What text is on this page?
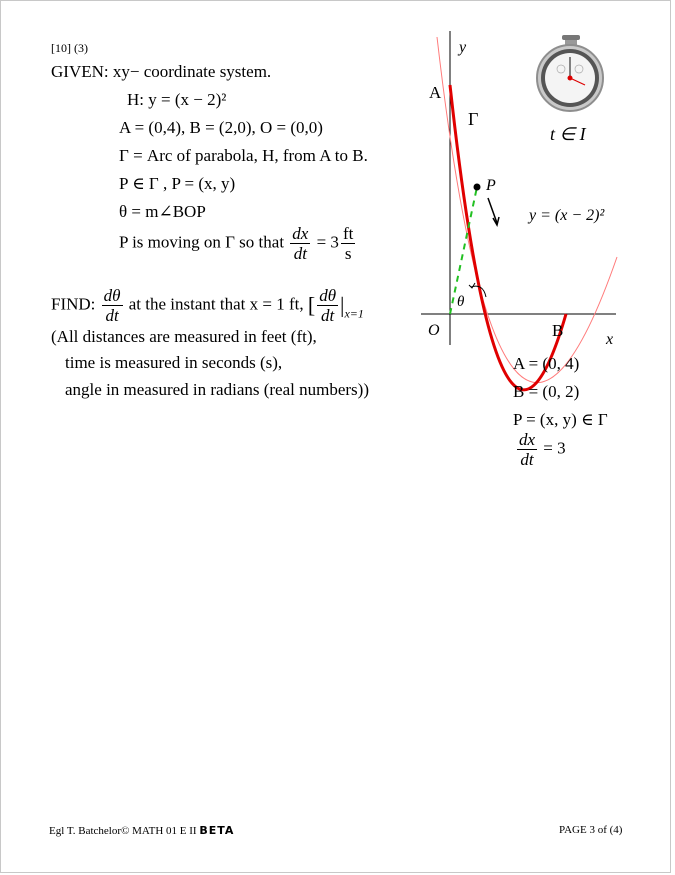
[10] (3)
GIVEN: xy− coordinate system.
H: y = (x − 2)²
A = (0,4), B = (2,0), O = (0,0)
Γ = Arc of parabola, H, from A to B.
P ∈ Γ , P = (x, y)
θ = m∠BOP
P is moving on Γ so that $\frac{dx}{dt} = 3 \frac{ft}{s}$
FIND: $\frac{d\theta}{dt}$ at the instant that x = 1 ft, [ $\frac{d\theta}{dt} |_{x=1}$
(All distances are measured in feet (ft),
time is measured in seconds (s),
angle in measured in radians (real numbers))
y
x
A
B
O
P
Γ
θ
y = (x − 2)²
t ∈ I
A = (0, 4)
B = (0, 2)
P = (x, y) ∈ Γ
$\frac{dx}{dt} = 3$
Egl T. Batchelor© MATH 01 E II BETA	PAGE 3 of (4)
